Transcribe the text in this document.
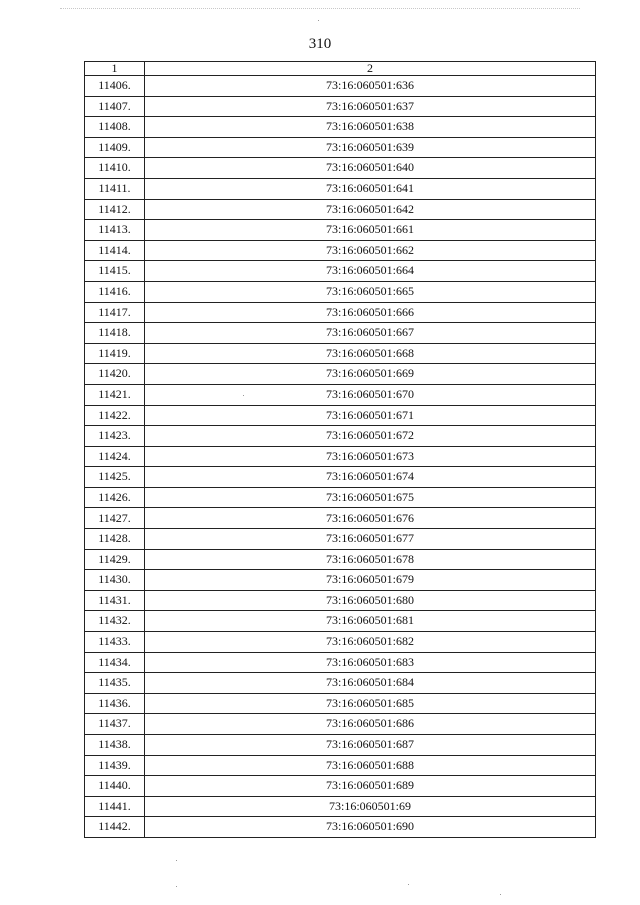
310
1	2
11406.	73:16:060501:636
11407.	73:16:060501:637
11408.	73:16:060501:638
11409.	73:16:060501:639
11410.	73:16:060501:640
11411.	73:16:060501:641
11412.	73:16:060501:642
11413.	73:16:060501:661
11414.	73:16:060501:662
11415.	73:16:060501:664
11416.	73:16:060501:665
11417.	73:16:060501:666
11418.	73:16:060501:667
11419.	73:16:060501:668
11420.	73:16:060501:669
11421.	73:16:060501:670
11422.	73:16:060501:671
11423.	73:16:060501:672
11424.	73:16:060501:673
11425.	73:16:060501:674
11426.	73:16:060501:675
11427.	73:16:060501:676
11428.	73:16:060501:677
11429.	73:16:060501:678
11430.	73:16:060501:679
11431.	73:16:060501:680
11432.	73:16:060501:681
11433.	73:16:060501:682
11434.	73:16:060501:683
11435.	73:16:060501:684
11436.	73:16:060501:685
11437.	73:16:060501:686
11438.	73:16:060501:687
11439.	73:16:060501:688
11440.	73:16:060501:689
11441.	73:16:060501:69
11442.	73:16:060501:690
